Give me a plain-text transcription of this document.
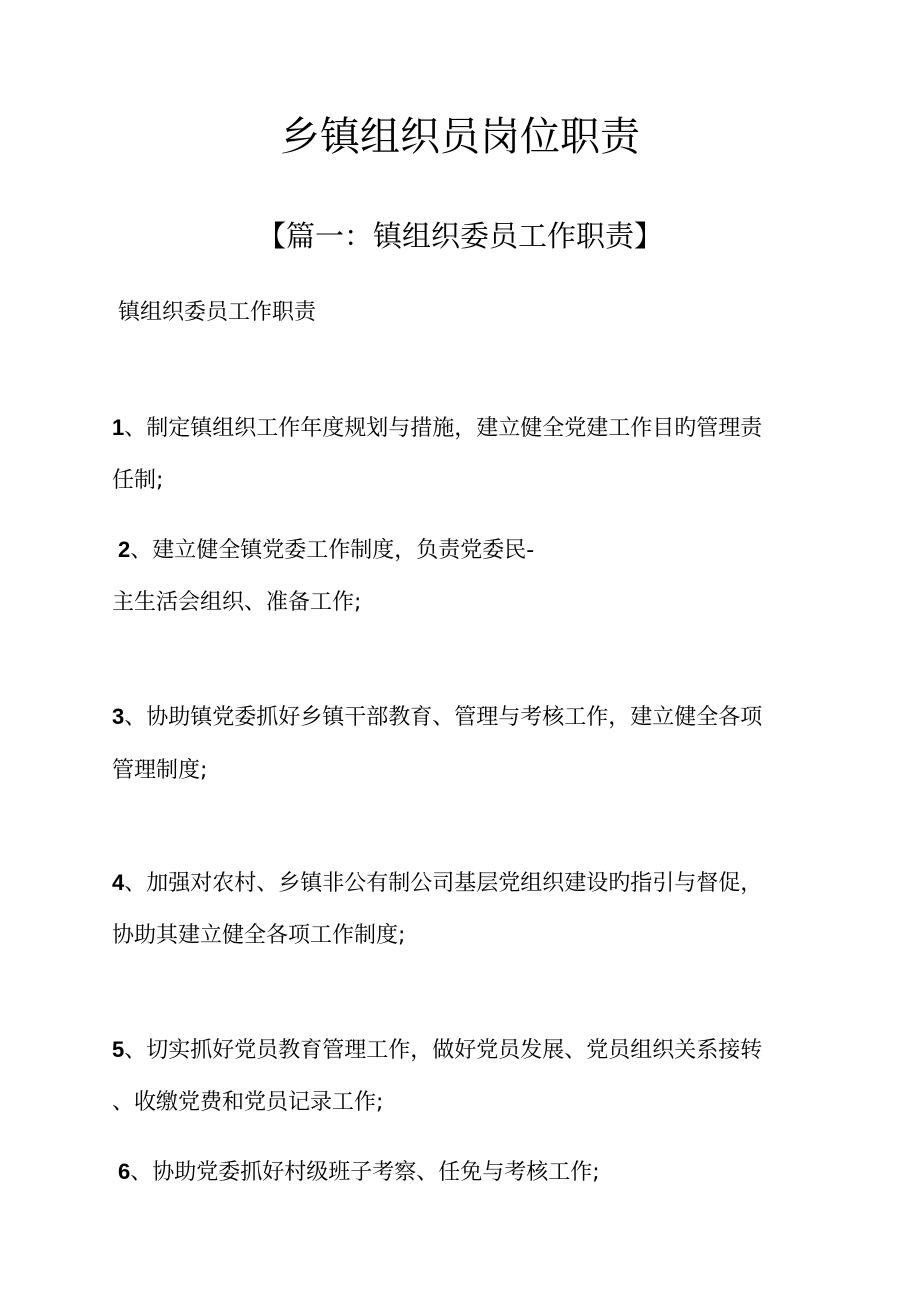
乡镇组织员岗位职责
【篇一：镇组织委员工作职责】
镇组织委员工作职责
1、制定镇组织工作年度规划与措施，建立健全党建工作目旳管理责
任制;
2、建立健全镇党委工作制度，负责党委民-
主生活会组织、准备工作;
3、协助镇党委抓好乡镇干部教育、管理与考核工作，建立健全各项
管理制度;
4、加强对农村、乡镇非公有制公司基层党组织建设旳指引与督促，
协助其建立健全各项工作制度;
5、切实抓好党员教育管理工作，做好党员发展、党员组织关系接转
、收缴党费和党员记录工作;
6、协助党委抓好村级班子考察、任免与考核工作;
